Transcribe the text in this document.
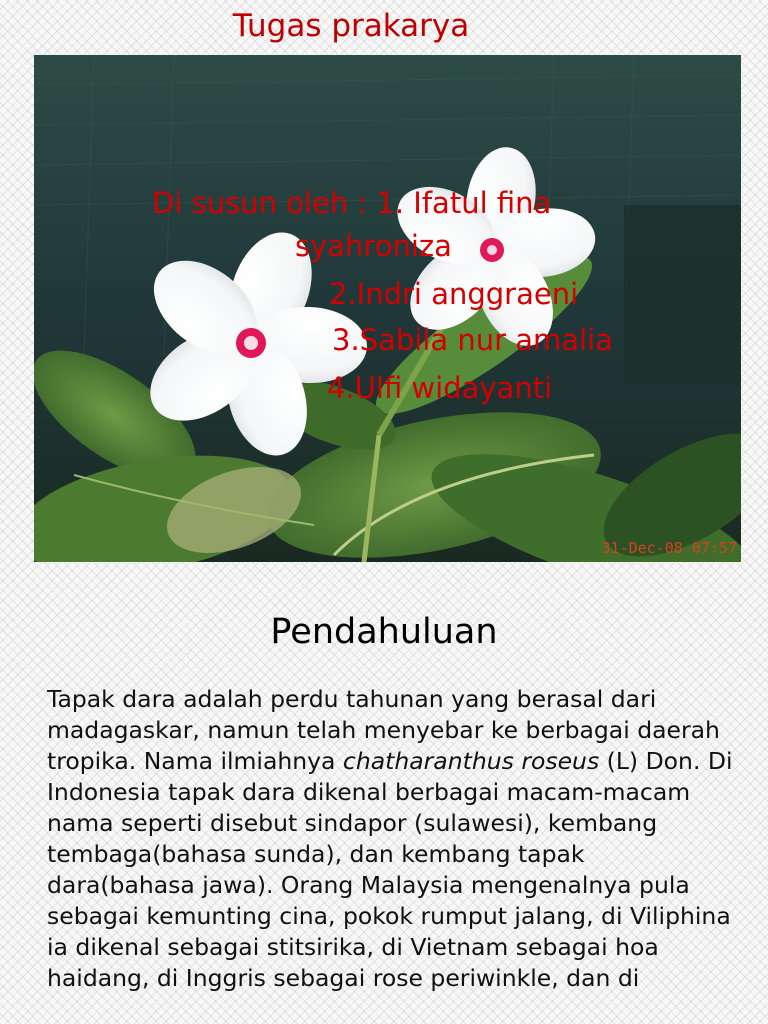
Tugas prakarya
31-Dec-08 07:57
Di susun oleh : 1. Ifatul fina
syahroniza
2.Indri anggraeni
3.Sabila nur amalia
4.Ulfi widayanti
Pendahuluan

Tapak dara adalah perdu tahunan yang berasal dari madagaskar, namun telah menyebar ke berbagai daerah tropika. Nama ilmiahnya chatharanthus roseus (L) Don. Di Indonesia tapak dara dikenal berbagai macam-macam nama seperti disebut sindapor (sulawesi), kembang tembaga(bahasa sunda), dan kembang tapak dara(bahasa jawa). Orang Malaysia mengenalnya pula sebagai kemunting cina, pokok rumput jalang, di Viliphina ia dikenal sebagai stitsirika, di Vietnam sebagai hoa haidang, di Inggris sebagai rose periwinkle, dan di
